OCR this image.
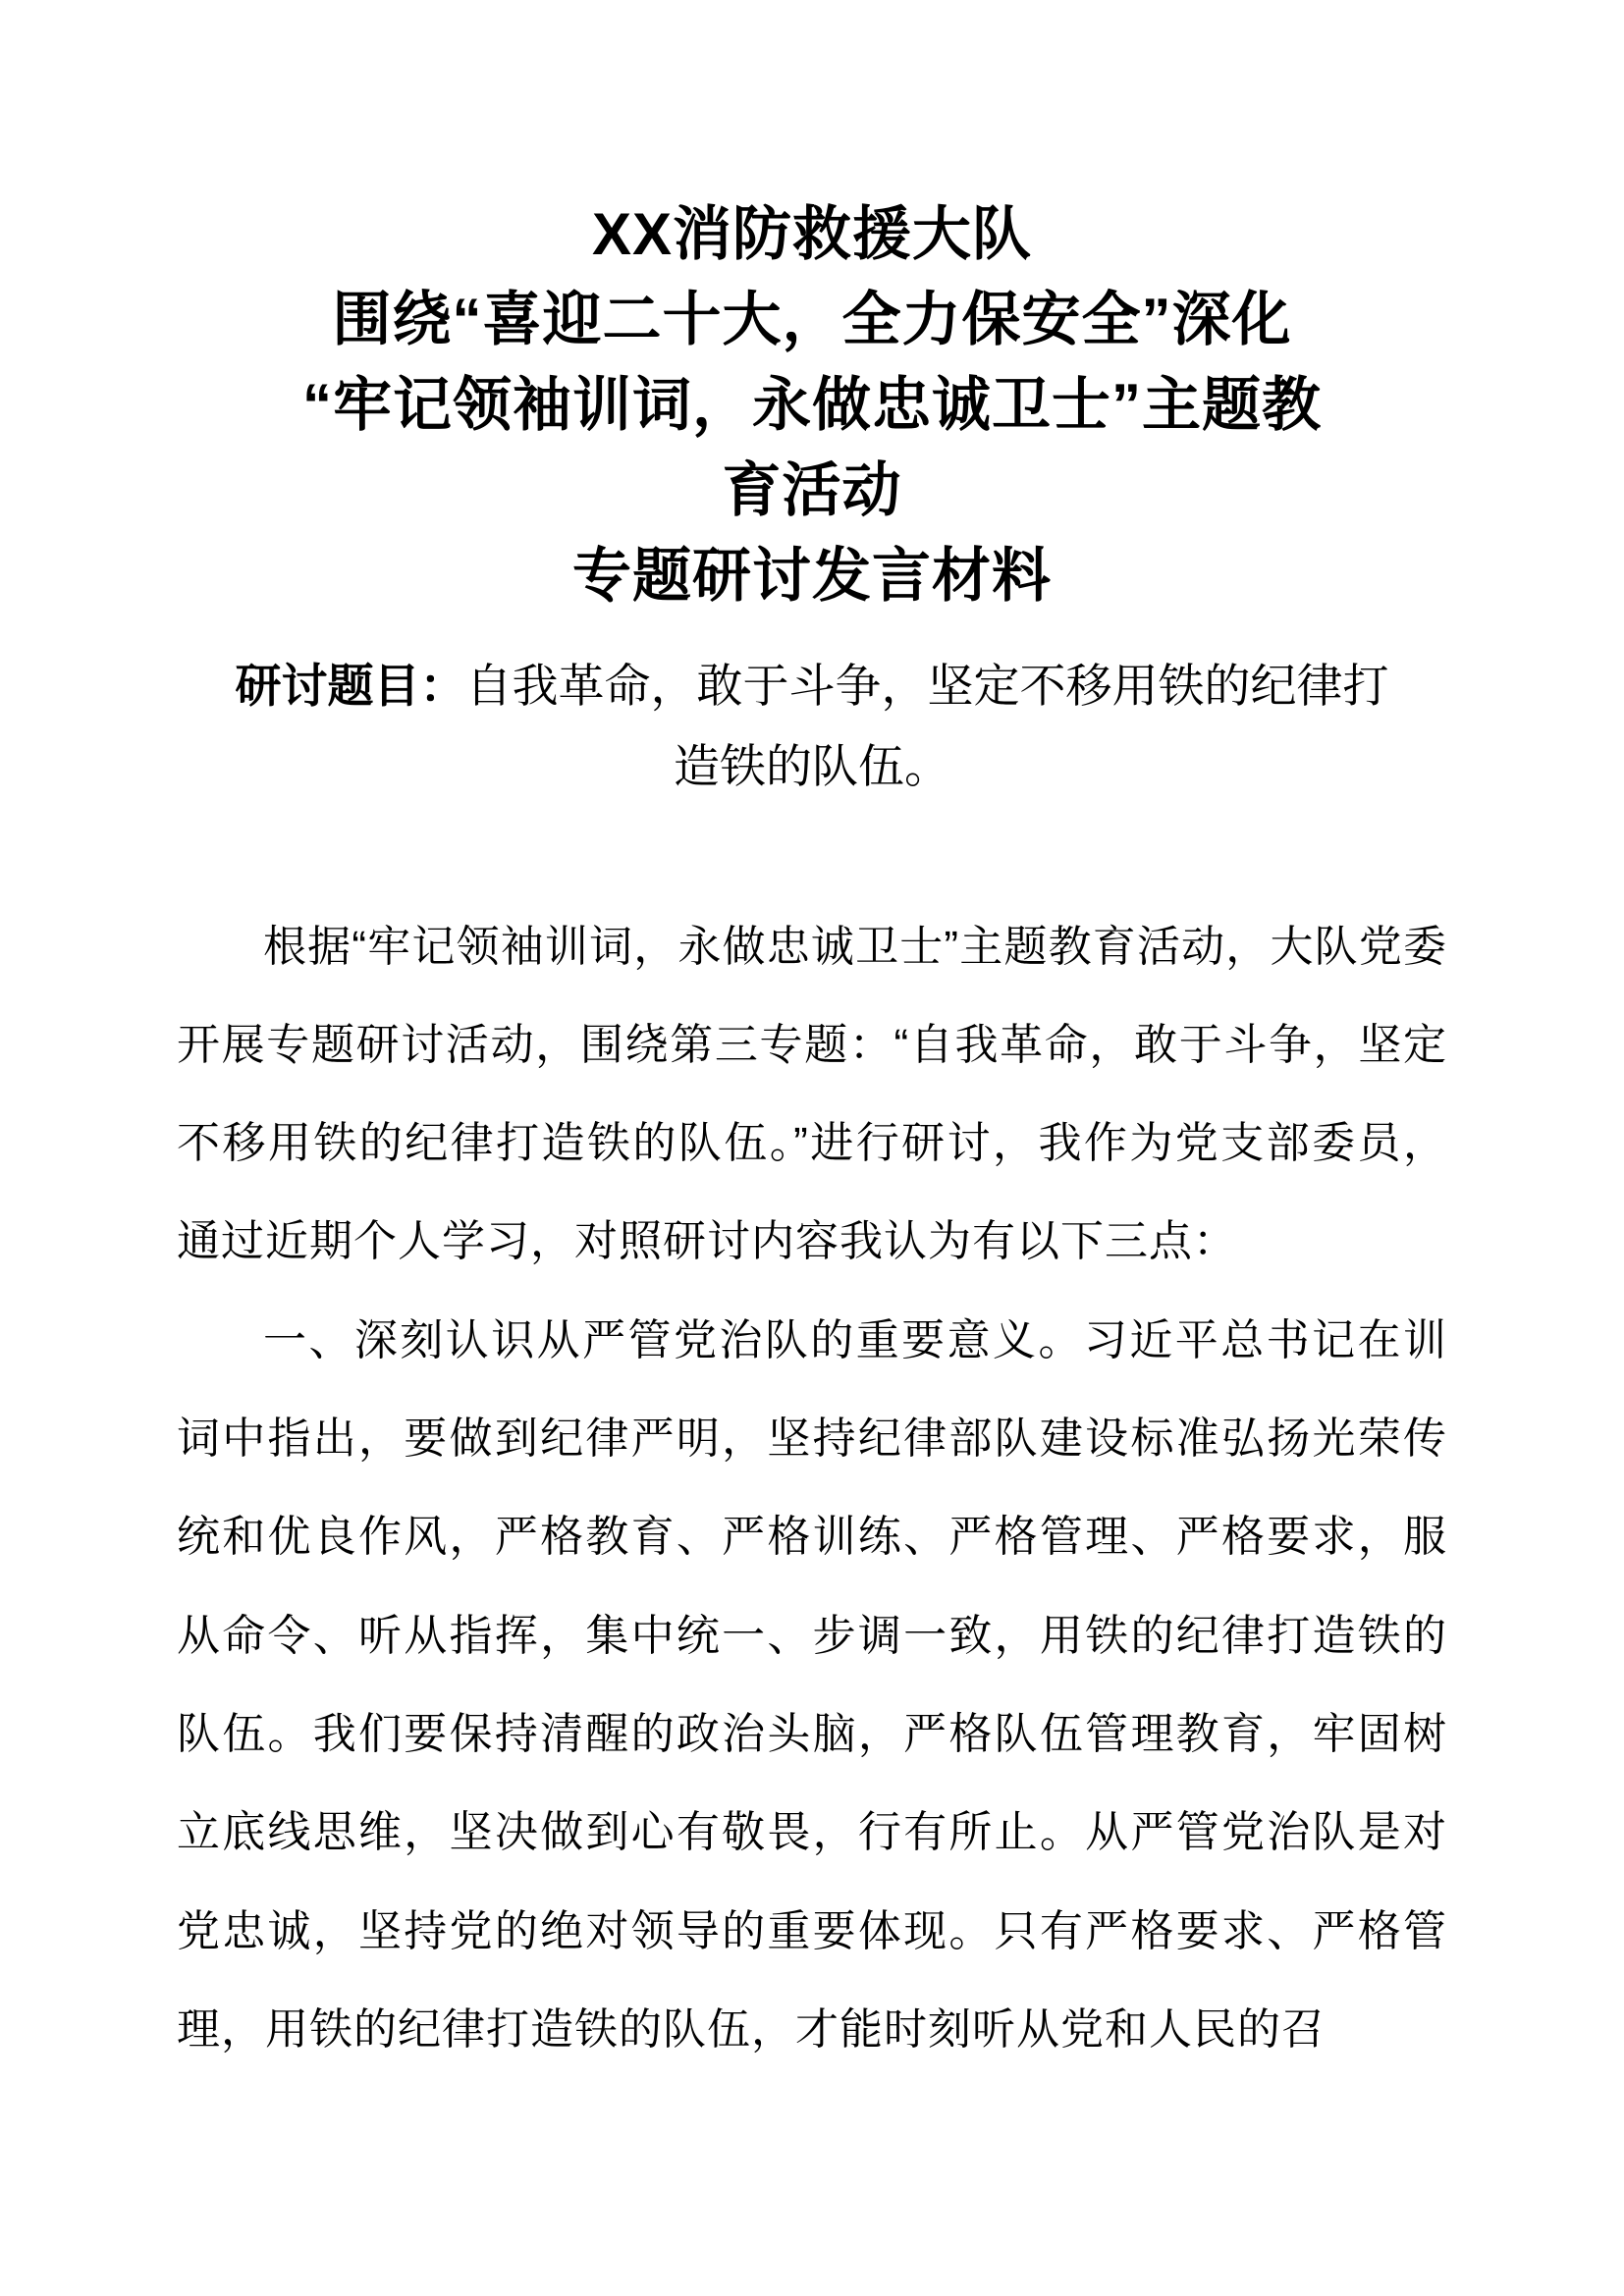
XX消防救援大队
围绕“喜迎二十大，全力保安全”深化
“牢记领袖训词，永做忠诚卫士”主题教
育活动
专题研讨发言材料
研讨题目：自我革命，敢于斗争，坚定不移用铁的纪律打
造铁的队伍。

根据“牢记领袖训词，永做忠诚卫士”主题教育活动，大队党委开展专题研讨活动，围绕第三专题：“自我革命，敢于斗争，坚定不移用铁的纪律打造铁的队伍。”进行研讨，我作为党支部委员，通过近期个人学习，对照研讨内容我认为有以下三点：

一、深刻认识从严管党治队的重要意义。习近平总书记在训词中指出，要做到纪律严明，坚持纪律部队建设标准弘扬光荣传统和优良作风，严格教育、严格训练、严格管理、严格要求，服从命令、听从指挥，集中统一、步调一致，用铁的纪律打造铁的队伍。我们要保持清醒的政治头脑，严格队伍管理教育，牢固树立底线思维，坚决做到心有敬畏，行有所止。从严管党治队是对党忠诚，坚持党的绝对领导的重要体现。只有严格要求、严格管理，用铁的纪律打造铁的队伍，才能时刻听从党和人民的召
